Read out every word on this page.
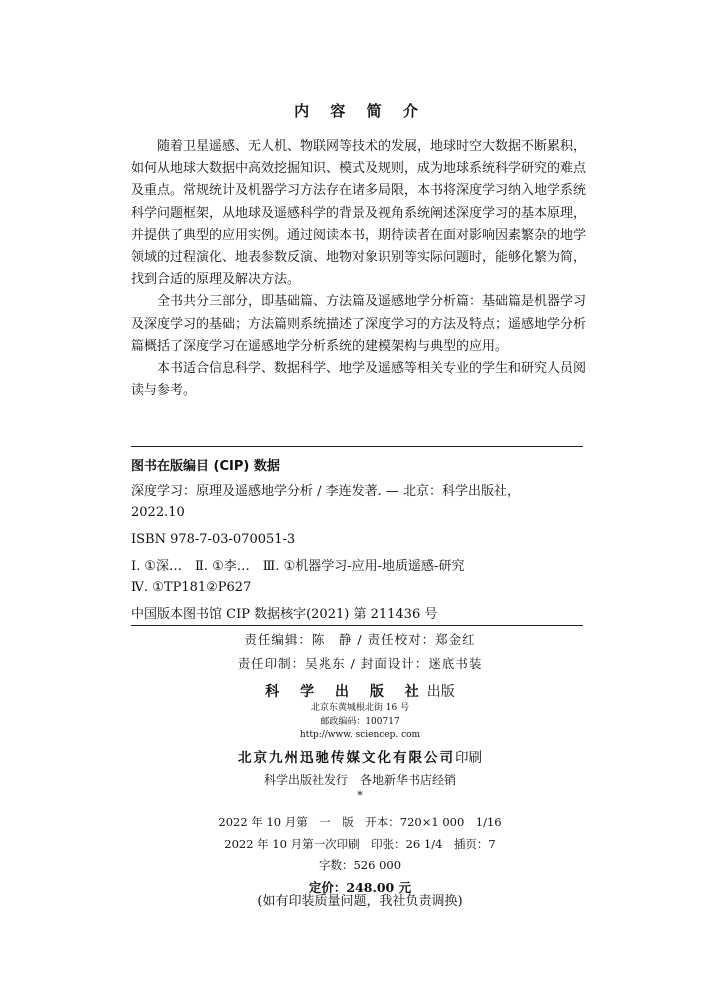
内 容 简 介

随着卫星遥感、无人机、物联网等技术的发展，地球时空大数据不断累积，如何从地球大数据中高效挖掘知识、模式及规则，成为地球系统科学研究的难点及重点。常规统计及机器学习方法存在诸多局限，本书将深度学习纳入地学系统科学问题框架，从地球及遥感科学的背景及视角系统阐述深度学习的基本原理，并提供了典型的应用实例。通过阅读本书，期待读者在面对影响因素繁杂的地学领域的过程演化、地表参数反演、地物对象识别等实际问题时，能够化繁为简，找到合适的原理及解决方法。

全书共分三部分，即基础篇、方法篇及遥感地学分析篇：基础篇是机器学习及深度学习的基础；方法篇则系统描述了深度学习的方法及特点；遥感地学分析篇概括了深度学习在遥感地学分析系统的建模架构与典型的应用。

本书适合信息科学、数据科学、地学及遥感等相关专业的学生和研究人员阅读与参考。

图书在版编目 (CIP) 数据
深度学习：原理及遥感地学分析 / 李连发著. — 北京：科学出版社，
2022.10
ISBN 978-7-03-070051-3
Ⅰ. ①深…　Ⅱ. ①李…　Ⅲ. ①机器学习-应用-地质遥感-研究
Ⅳ. ①TP181②P627
中国版本图书馆 CIP 数据核字(2021) 第 211436 号
责任编辑：陈　静 / 责任校对：郑金红
责任印制：吴兆东 / 封面设计：迷底书装
科 学 出 版 社出版
北京东黄城根北街 16 号
邮政编码：100717
http://www. sciencep. com
北京九州迅驰传媒文化有限公司印刷
科学出版社发行　各地新华书店经销
*
2022 年 10 月第　一　版　开本：720×1 000　1/16
2022 年 10 月第一次印刷　印张：26 1/4　插页：7
字数：526 000
定价：248.00 元
(如有印装质量问题，我社负责调换)
